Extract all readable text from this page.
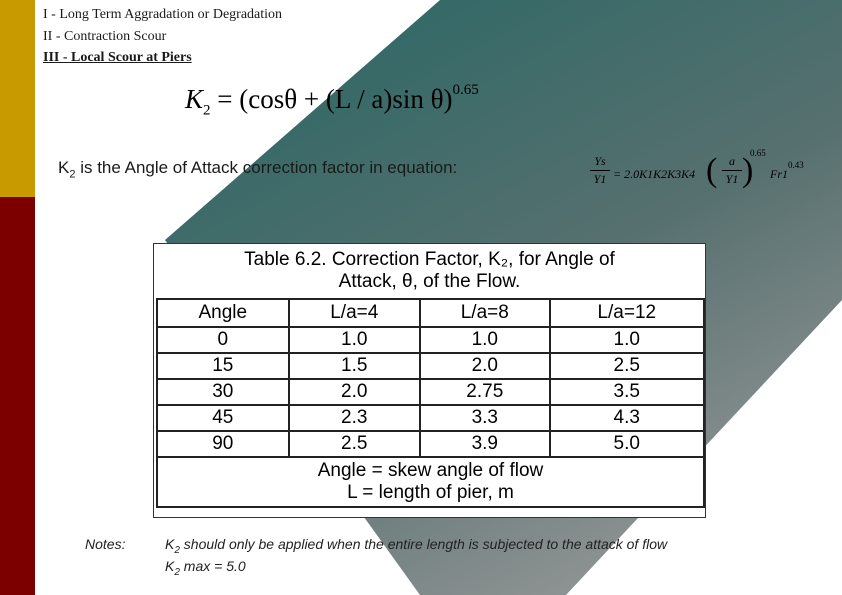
I - Long Term Aggradation or Degradation
II - Contraction Scour
III - Local Scour at Piers
$K_2 = (\cos\theta + (L / a)\sin$ θ)$^{0.65}$
$K_2$ is the Angle of Attack correction factor in equation:	Ys
Y1 = 2.0K1K2K3K4 ( a
Y1 )
0.65
Fr1
0.43
Table 6.2. Correction Factor, K₂, for Angle of
Attack, θ, of the Flow.
Angle	L/a=4	L/a=8	L/a=12
0	1.0	1.0	1.0
15	1.5	2.0	2.5
30	2.0	2.75	3.5
45	2.3	3.3	4.3
90	2.5	3.9	5.0

Angle = skew angle of flow
L = length of pier, m			
Notes:	$K_2$ should only be applied when the entire length is subjected to the attack of flow
$K_2$ max = 5.0
